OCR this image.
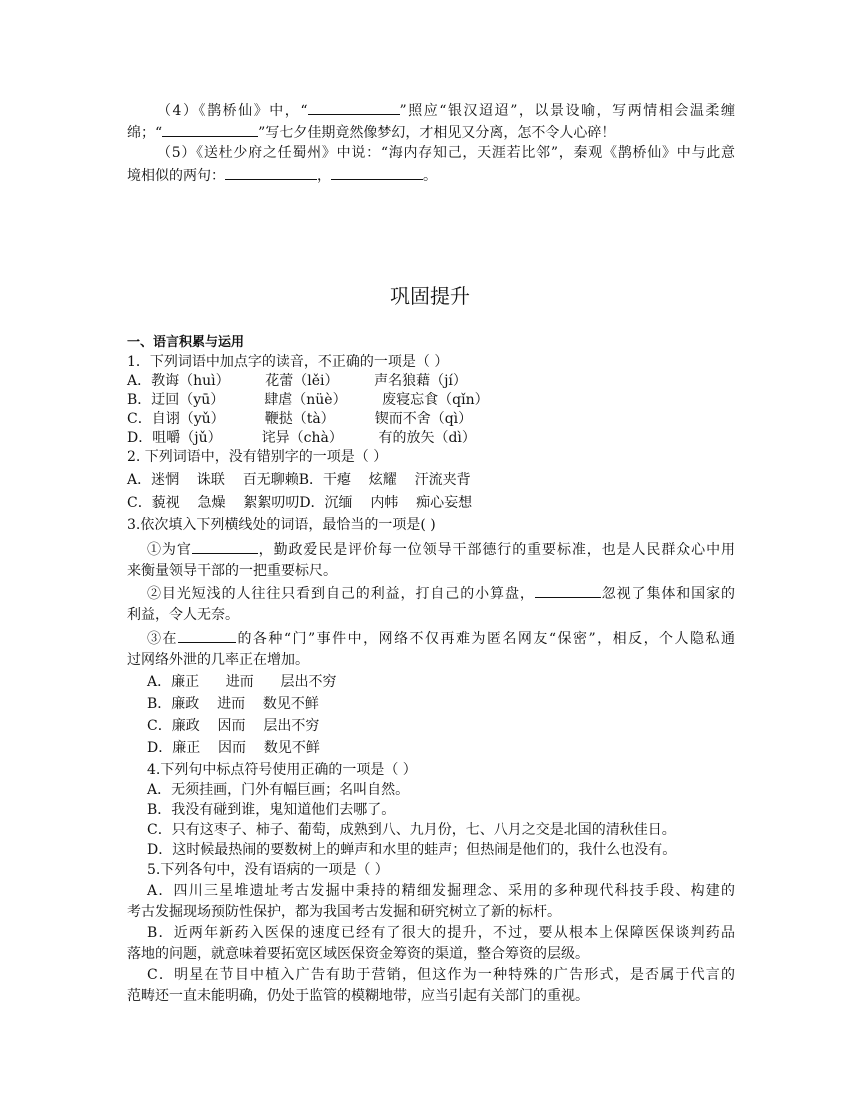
（4）《鹊桥仙》中，“	”照应“银汉迢迢”，以景设喻，写两情相会温柔缠
绵；“	”写七夕佳期竟然像梦幻，才相见又分离，怎不令人心碎！
（5）《送杜少府之任蜀州》中说：“海内存知己，天涯若比邻”，秦观《鹊桥仙》中与此意
境相似的两句：	，	。
巩固提升
一、语言积累与运用
1．下列词语中加点字的读音，不正确的一项是（ ）
A．教诲（huì）        花蕾（lěi）        声名狼藉（jí）
B．迂回（yū）         肆虐（nüè）        废寝忘食（qǐn）
C．自诩（yǔ）         鞭挞（tà）         锲而不舍（qì）
D．咀嚼（jǔ）         诧异（chà）        有的放矢（dì）
2. 下列词语中，没有错别字的一项是（ ）
A．迷惘    诛联    百无聊赖B．干瘪    炫耀    汗流夹背
C．藐视    急燥    絮絮叨叨D．沉缅    内帏    痴心妄想
3.依次填入下列横线处的词语，最恰当的一项是( )
①为官	，勤政爱民是评价每一位领导干部德行的重要标准，也是人民群众心中用
来衡量领导干部的一把重要标尺。
②目光短浅的人往往只看到自己的利益，打自己的小算盘，	忽视了集体和国家的
利益，令人无奈。
③在	的各种“门”事件中，网络不仅再难为匿名网友“保密”，相反，个人隐私通
过网络外泄的几率正在增加。
A．廉正      进而      层出不穷
B．廉政    进而    数见不鲜
C．廉政    因而    层出不穷
D．廉正    因而    数见不鲜
4.下列句中标点符号使用正确的一项是（ ）
A．无须挂画，门外有幅巨画；名叫自然。
B．我没有碰到谁，鬼知道他们去哪了。
C．只有这枣子、柿子、葡萄，成熟到八、九月份，七、八月之交是北国的清秋佳日。
D．这时候最热闹的要数树上的蝉声和水里的蛙声；但热闹是他们的，我什么也没有。
5.下列各句中，没有语病的一项是（ ）
A．四川三星堆遗址考古发掘中秉持的精细发掘理念、采用的多种现代科技手段、构建的
考古发掘现场预防性保护，都为我国考古发掘和研究树立了新的标杆。
B．近两年新药入医保的速度已经有了很大的提升，不过，要从根本上保障医保谈判药品
落地的问题，就意味着要拓宽区域医保资金筹资的渠道，整合筹资的层级。
C．明星在节目中植入广告有助于营销，但这作为一种特殊的广告形式，是否属于代言的
范畴还一直未能明确，仍处于监管的模糊地带，应当引起有关部门的重视。
